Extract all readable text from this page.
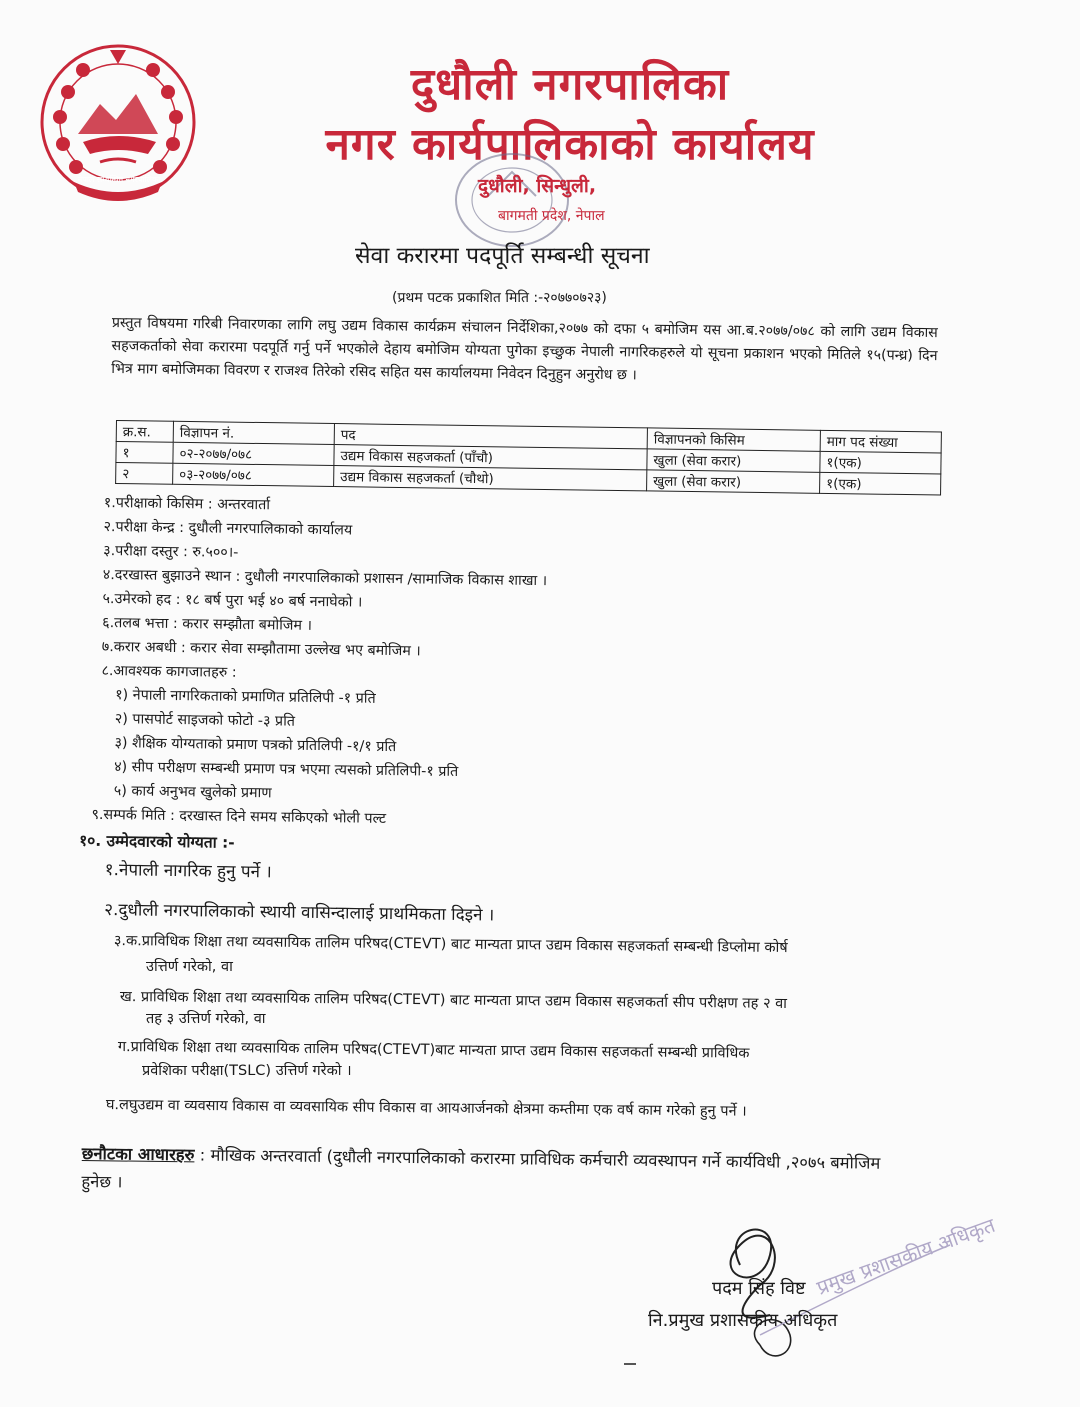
नेपाल सम्बन्धित नगरपालिका
दुधौली नगरपालिका
नगर कार्यपालिकाको कार्यालय
दुधौली, सिन्धुली,
बागमती प्रदेश, नेपाल
सेवा करारमा पदपूर्ति सम्बन्धी सूचना
(प्रथम पटक प्रकाशित मिति :-२०७७०७२३)
प्रस्तुत विषयमा गरिबी निवारणका लागि लघु उद्यम विकास कार्यक्रम संचालन निर्देशिका,२०७७ को दफा ५ बमोजिम यस आ.ब.२०७७/०७८ को लागि उद्यम विकास सहजकर्ताको सेवा करारमा पदपूर्ति गर्नु पर्ने भएकोले देहाय बमोजिम योग्यता पुगेका इच्छुक नेपाली नागरिकहरुले यो सूचना प्रकाशन भएको मितिले १५(पन्ध्र) दिन भित्र माग बमोजिमका विवरण र राजश्व तिरेको रसिद सहित यस कार्यालयमा निवेदन दिनुहुन अनुरोध छ ।
क्र.स.	विज्ञापन नं.	पद	विज्ञापनको किसिम	माग पद संख्या
१	०२-२०७७/०७८	उद्यम विकास सहजकर्ता (पाँचौ)	खुला (सेवा करार)	१(एक)
२	०३-२०७७/०७८	उद्यम विकास सहजकर्ता (चौथो)	खुला (सेवा करार)	१(एक)
१.परीक्षाको किसिम : अन्तरवार्ता
२.परीक्षा केन्द्र : दुधौली नगरपालिकाको कार्यालय
३.परीक्षा दस्तुर : रु.५००।-
४.दरखास्त बुझाउने स्थान : दुधौली नगरपालिकाको प्रशासन /सामाजिक विकास शाखा ।
५.उमेरको हद : १८ बर्ष पुरा भई ४० बर्ष ननाघेको ।
६.तलब भत्ता : करार सम्झौता बमोजिम ।
७.करार अबधी : करार सेवा सम्झौतामा उल्लेख भए बमोजिम ।
८.आवश्यक कागजातहरु :
१) नेपाली नागरिकताको प्रमाणित प्रतिलिपी -१ प्रति
२) पासपोर्ट साइजको फोटो -३ प्रति
३) शैक्षिक योग्यताको प्रमाण पत्रको प्रतिलिपी -१/१ प्रति
४) सीप परीक्षण सम्बन्धी प्रमाण पत्र भएमा त्यसको प्रतिलिपी-१ प्रति
५) कार्य अनुभव खुलेको प्रमाण
९.सम्पर्क मिति : दरखास्त दिने समय सकिएको भोली पल्ट
१०. उम्मेदवारको योग्यता :-
१.नेपाली नागरिक हुनु पर्ने ।
२.दुधौली नगरपालिकाको स्थायी वासिन्दालाई प्राथमिकता दिइने ।
३.क.प्राविधिक शिक्षा तथा व्यवसायिक तालिम परिषद(CTEVT) बाट मान्यता प्राप्त उद्यम विकास सहजकर्ता सम्बन्धी डिप्लोमा कोर्ष
उत्तिर्ण गरेको, वा
ख. प्राविधिक शिक्षा तथा व्यवसायिक तालिम परिषद(CTEVT) बाट मान्यता प्राप्त उद्यम विकास सहजकर्ता सीप परीक्षण तह २ वा
तह ३ उत्तिर्ण गरेको, वा
ग.प्राविधिक शिक्षा तथा व्यवसायिक तालिम परिषद(CTEVT)बाट मान्यता प्राप्त उद्यम विकास सहजकर्ता सम्बन्धी प्राविधिक
प्रवेशिका परीक्षा(TSLC) उत्तिर्ण गरेको ।
घ.लघुउद्यम वा व्यवसाय विकास वा व्यवसायिक सीप विकास वा आयआर्जनको क्षेत्रमा कम्तीमा एक वर्ष काम गरेको हुनु पर्ने ।
छनौटका आधारहरु : मौखिक अन्तरवार्ता (दुधौली नगरपालिकाको करारमा प्राविधिक कर्मचारी व्यवस्थापन गर्ने कार्यविधी ,२०७५ बमोजिम हुनेछ ।
प्रमुख प्रशासकीय अधिकृत
पदम सिंह विष्ट
नि.प्रमुख प्रशासकीय अधिकृत
